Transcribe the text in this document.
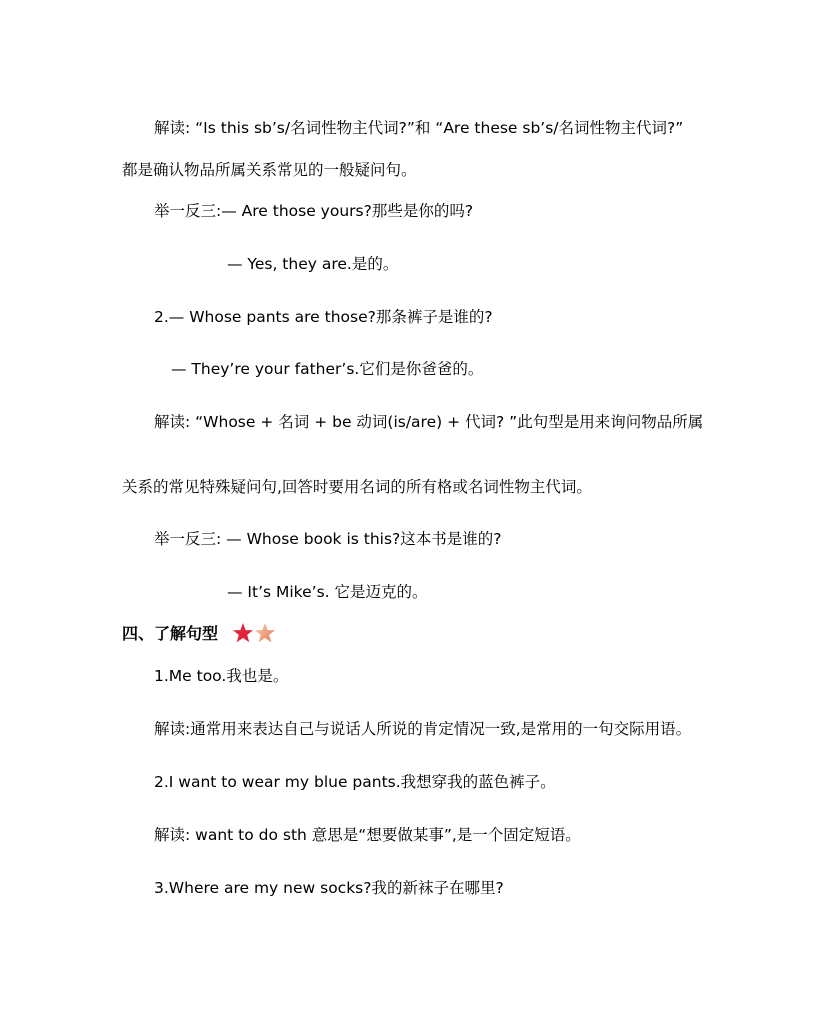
解读: “Is this sb’s/名词性物主代词?”和 “Are these sb’s/名词性物主代词?”
都是确认物品所属关系常见的一般疑问句。
举一反三:— Are those yours?那些是你的吗?
— Yes, they are.是的。
2.— Whose pants are those?那条裤子是谁的?
— They’re your father’s.它们是你爸爸的。
解读: “Whose + 名词 + be 动词(is/are) + 代词? ”此句型是用来询问物品所属
关系的常见特殊疑问句,回答时要用名词的所有格或名词性物主代词。
举一反三: — Whose book is this?这本书是谁的?
— It’s Mike’s. 它是迈克的。
四、了解句型
1.Me too.我也是。
解读:通常用来表达自己与说话人所说的肯定情况一致,是常用的一句交际用语。
2.I want to wear my blue pants.我想穿我的蓝色裤子。
解读: want to do sth 意思是“想要做某事”,是一个固定短语。
3.Where are my new socks?我的新袜子在哪里?
